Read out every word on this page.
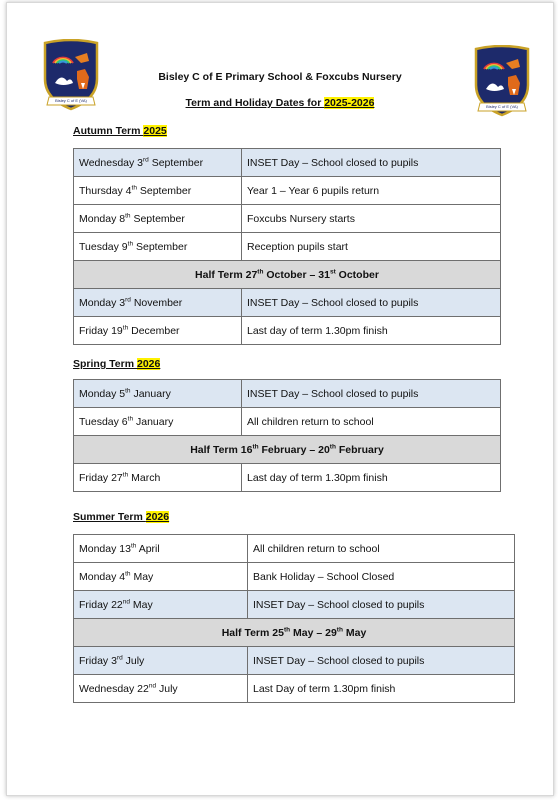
Bisley C of E (VA)
Bisley C of E (VA)
Bisley C of E Primary School & Foxcubs Nursery
Term and Holiday Dates for 2025-2026
Autumn Term 2025
Wednesday 3rd September	INSET Day – School closed to pupils
Thursday 4th September	Year 1 – Year 6 pupils return
Monday 8th September	Foxcubs Nursery starts
Tuesday 9th September	Reception pupils start
Half Term 27th October – 31st October	
Monday 3rd November	INSET Day – School closed to pupils
Friday 19th December	Last day of term 1.30pm finish
Spring Term 2026
Monday 5th January	INSET Day – School closed to pupils
Tuesday 6th January	All children return to school
Half Term 16th February – 20th February	
Friday 27th March	Last day of term 1.30pm finish
Summer Term 2026
Monday 13th April	All children return to school
Monday 4th May	Bank Holiday – School Closed
Friday 22nd May	INSET Day – School closed to pupils
Half Term 25th May – 29th May	
Friday 3rd July	INSET Day – School closed to pupils
Wednesday 22nd July	Last Day of term 1.30pm finish
